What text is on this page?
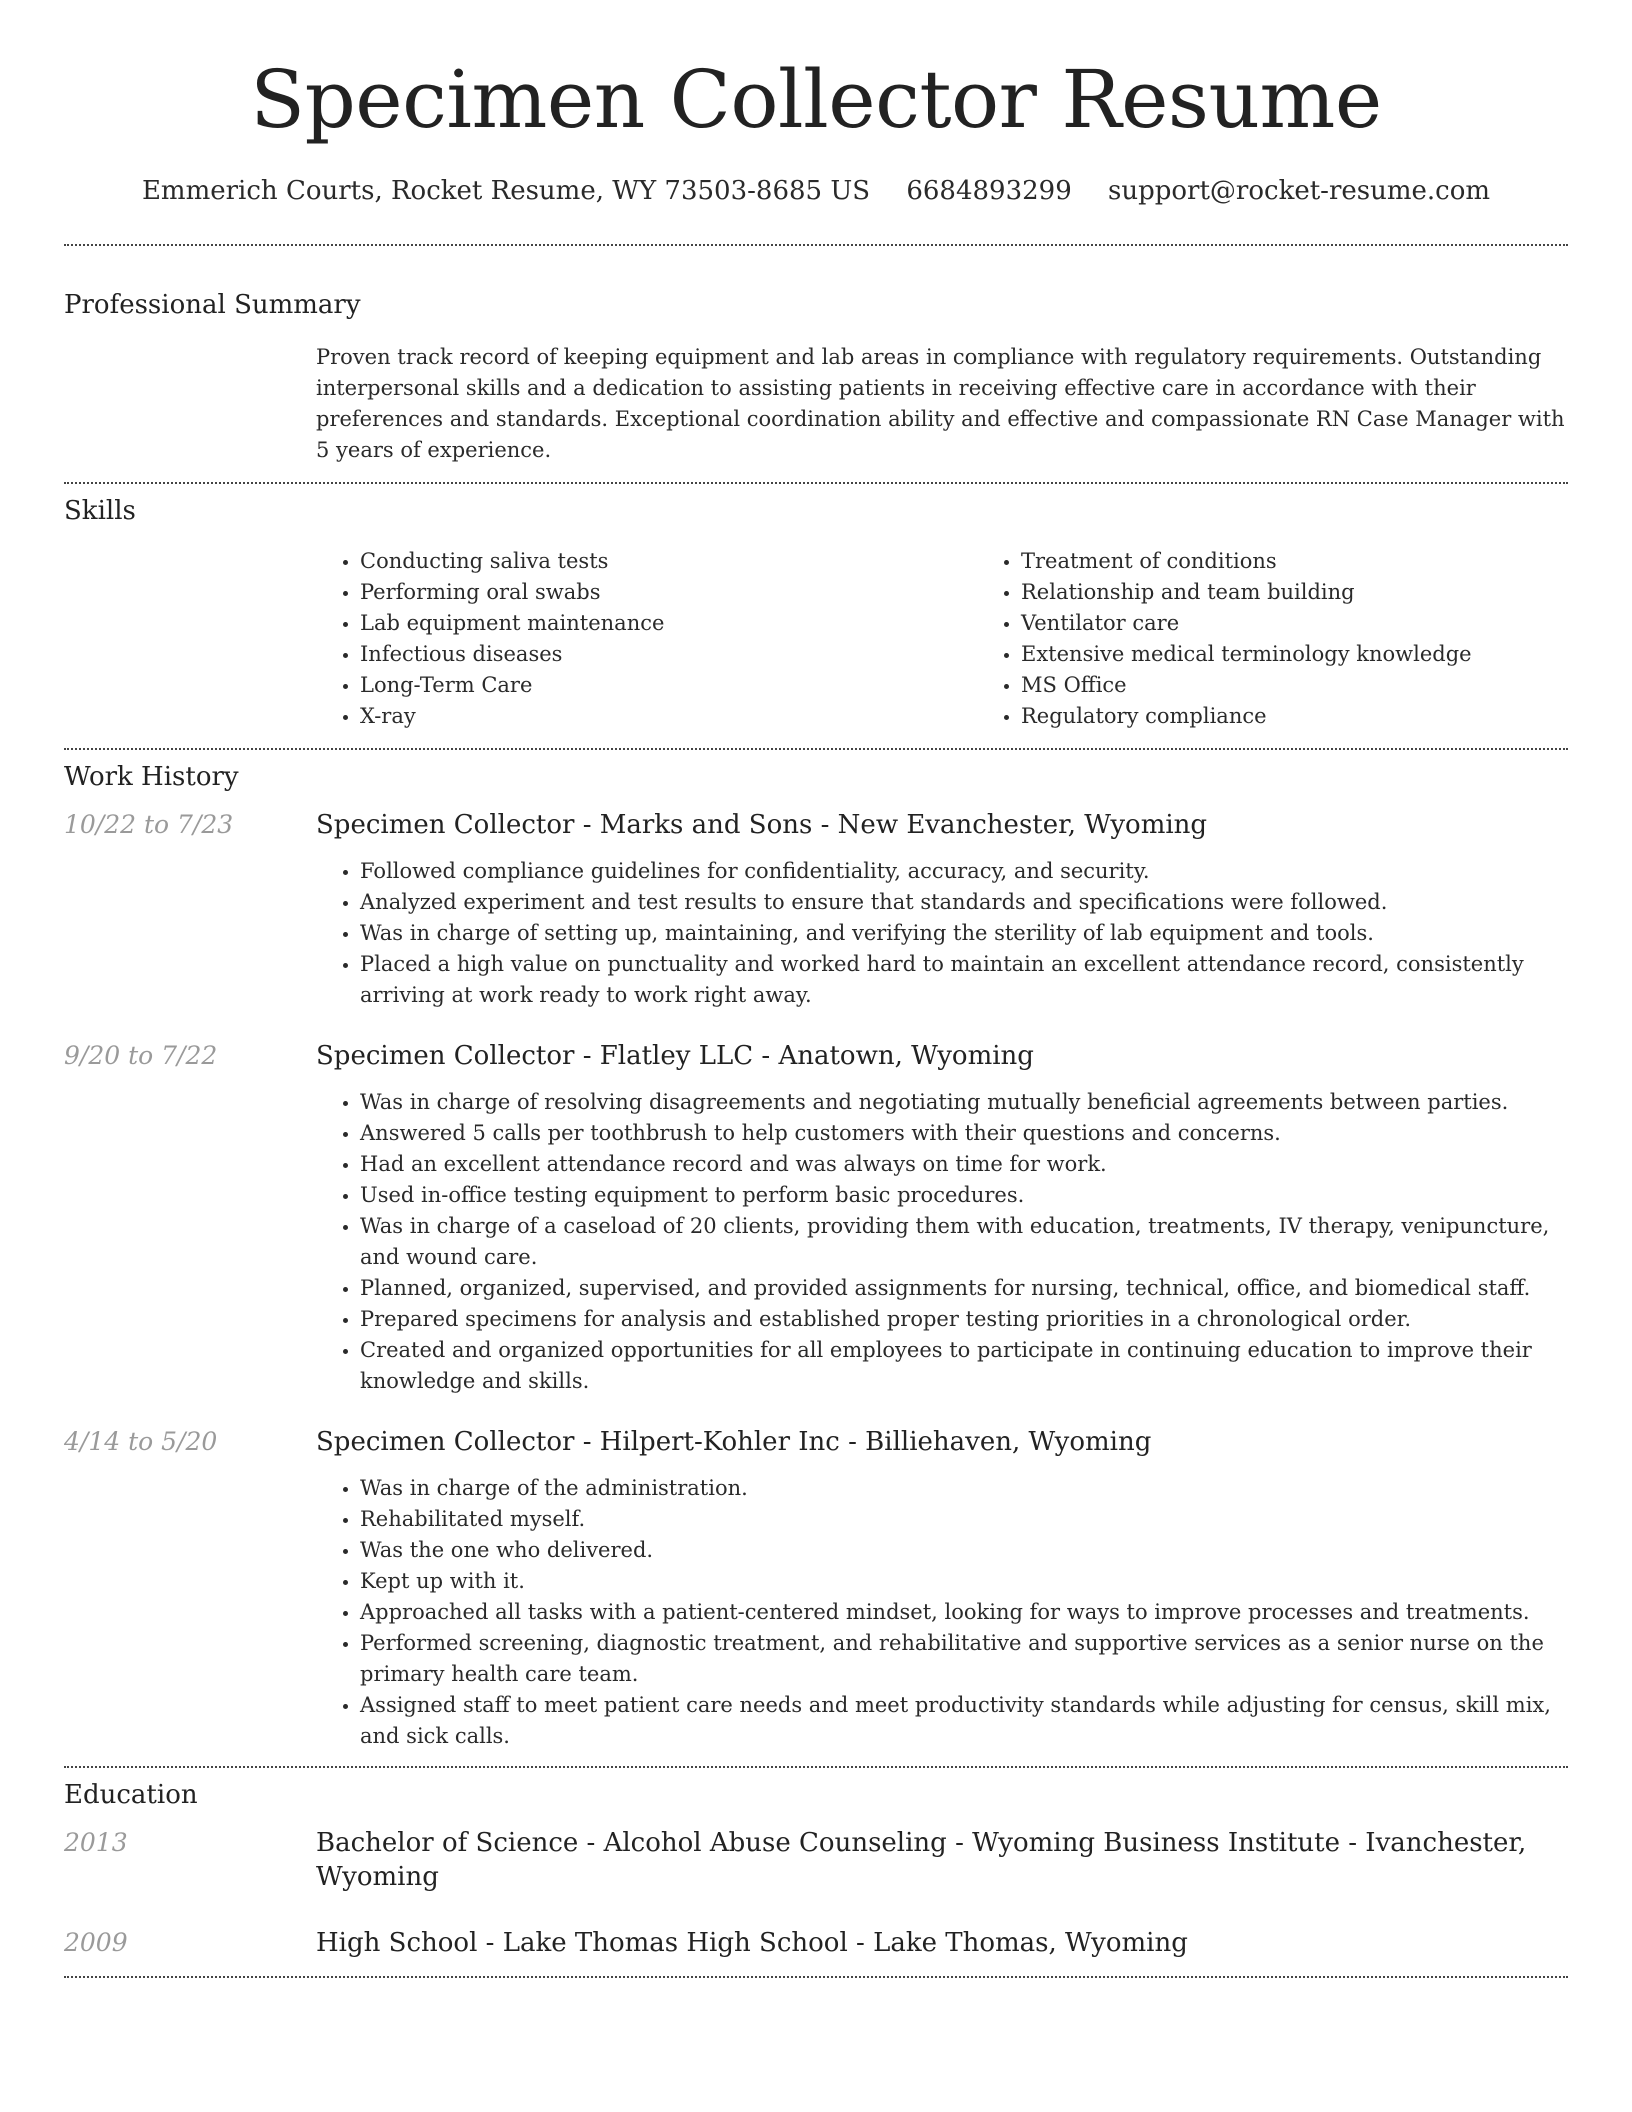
Specimen Collector Resume
Emmerich Courts, Rocket Resume, WY 73503-8685 US 6684893299 support@rocket-resume.com
Professional Summary

Proven track record of keeping equipment and lab areas in compliance with regulatory requirements. Outstanding interpersonal skills and a dedication to assisting patients in receiving effective care in accordance with their preferences and standards. Exceptional coordination ability and effective and compassionate RN Case Manager with 5 years of experience.

Skills
• Conducting saliva tests
• Performing oral swabs
• Lab equipment maintenance
• Infectious diseases
• Long-Term Care
• X-ray
• Treatment of conditions
• Relationship and team building
• Ventilator care
• Extensive medical terminology knowledge
• MS Office
• Regulatory compliance
Work History
10/22 to 7/23	Specimen Collector - Marks and Sons - New Evanchester, Wyoming
• Followed compliance guidelines for confidentiality, accuracy, and security.
• Analyzed experiment and test results to ensure that standards and specifications were followed.
• Was in charge of setting up, maintaining, and verifying the sterility of lab equipment and tools.
• Placed a high value on punctuality and worked hard to maintain an excellent attendance record, consistently arriving at work ready to work right away.
9/20 to 7/22	Specimen Collector - Flatley LLC - Anatown, Wyoming
• Was in charge of resolving disagreements and negotiating mutually beneficial agreements between parties.
• Answered 5 calls per toothbrush to help customers with their questions and concerns.
• Had an excellent attendance record and was always on time for work.
• Used in-office testing equipment to perform basic procedures.
• Was in charge of a caseload of 20 clients, providing them with education, treatments, IV therapy, venipuncture, and wound care.
• Planned, organized, supervised, and provided assignments for nursing, technical, office, and biomedical staff.
• Prepared specimens for analysis and established proper testing priorities in a chronological order.
• Created and organized opportunities for all employees to participate in continuing education to improve their knowledge and skills.
4/14 to 5/20	Specimen Collector - Hilpert-Kohler Inc - Billiehaven, Wyoming
• Was in charge of the administration.
• Rehabilitated myself.
• Was the one who delivered.
• Kept up with it.
• Approached all tasks with a patient-centered mindset, looking for ways to improve processes and treatments.
• Performed screening, diagnostic treatment, and rehabilitative and supportive services as a senior nurse on the primary health care team.
• Assigned staff to meet patient care needs and meet productivity standards while adjusting for census, skill mix, and sick calls.
Education
2013	Bachelor of Science - Alcohol Abuse Counseling - Wyoming Business Institute - Ivanchester, Wyoming
2009	High School - Lake Thomas High School - Lake Thomas, Wyoming
